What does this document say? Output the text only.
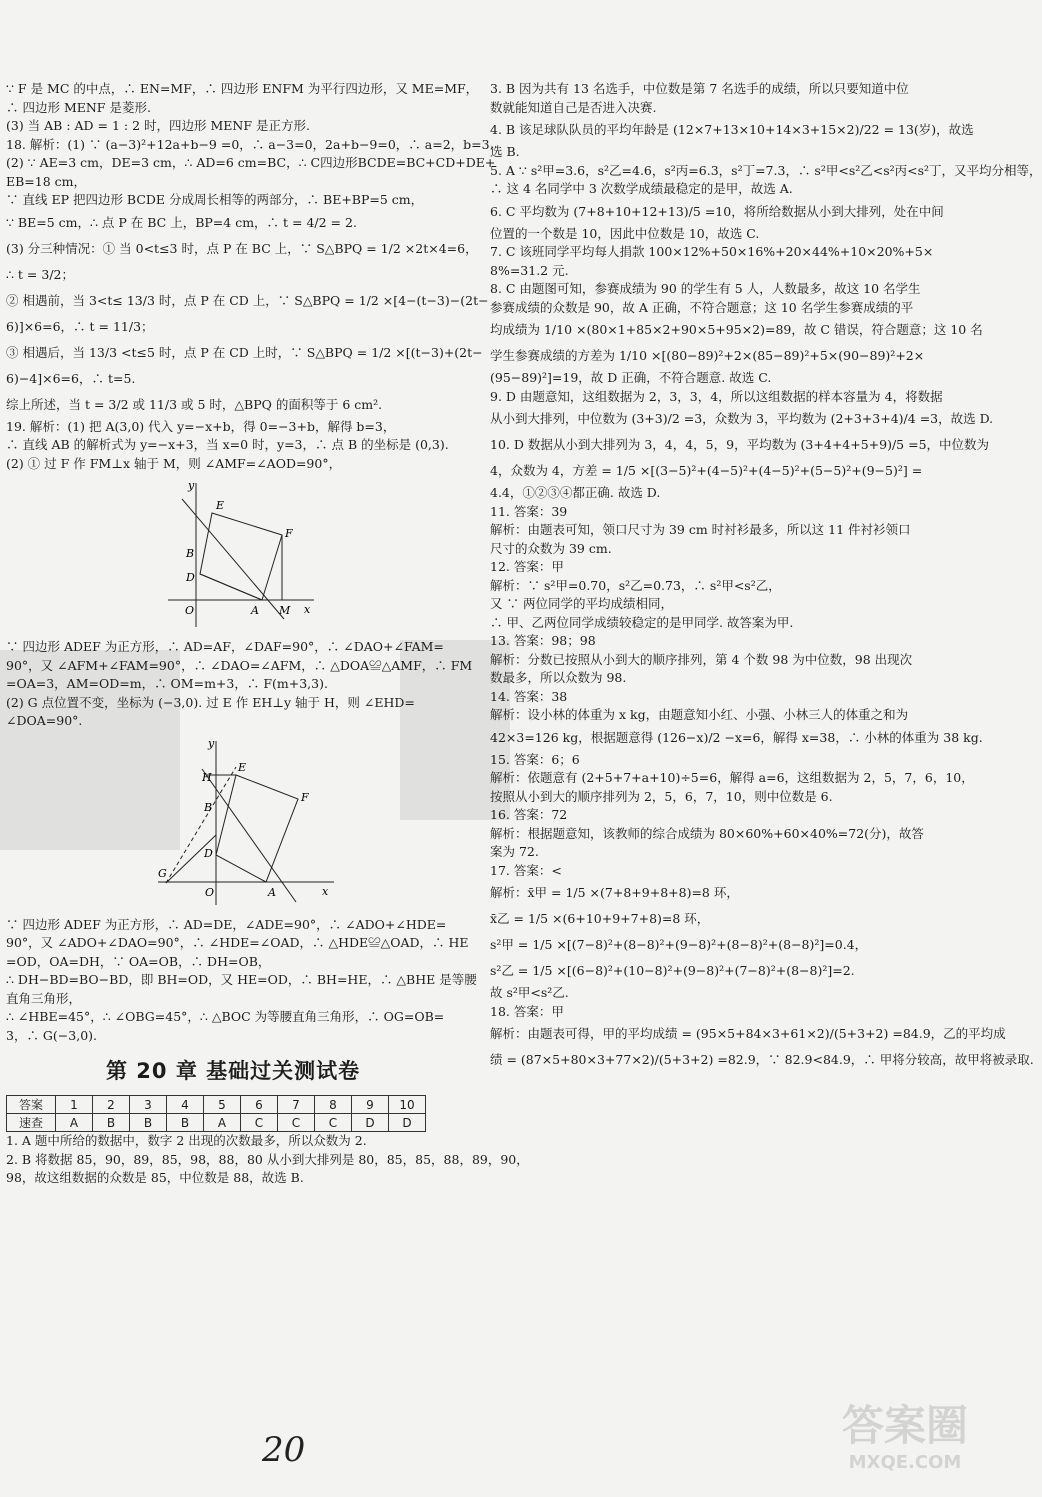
∵ F 是 MC 的中点，∴ EN=MF，∴ 四边形 ENFM 为平行四边形，又 ME=MF，

∴ 四边形 MENF 是菱形.

(3) 当 AB : AD = 1 : 2 时，四边形 MENF 是正方形.

18. 解析：(1) ∵ (a−3)²+12a+b−9 =0，∴ a−3=0，2a+b−9=0，∴ a=2，b=3.

(2) ∵ AE=3 cm，DE=3 cm，∴ AD=6 cm=BC，∴ C四边形BCDE=BC+CD+DE+

EB=18 cm，

∵ 直线 EP 把四边形 BCDE 分成周长相等的两部分，∴ BE+BP=5 cm，

∵ BE=5 cm，∴ 点 P 在 BC 上，BP=4 cm，∴ t = 4/2 = 2.

(3) 分三种情况：① 当 0<t≤3 时，点 P 在 BC 上，∵ S△BPQ = 1/2 ×2t×4=6，

∴ t = 3/2；

② 相遇前，当 3<t≤ 13/3 时，点 P 在 CD 上，∵ S△BPQ = 1/2 ×[4−(t−3)−(2t−

6)]×6=6，∴ t = 11/3；

③ 相遇后，当 13/3 <t≤5 时，点 P 在 CD 上时，∵ S△BPQ = 1/2 ×[(t−3)+(2t−

6)−4]×6=6，∴ t=5.

综上所述，当 t = 3/2 或 11/3 或 5 时，△BPQ 的面积等于 6 cm².

19. 解析：(1) 把 A(3,0) 代入 y=−x+b，得 0=−3+b，解得 b=3，

∴ 直线 AB 的解析式为 y=−x+3，当 x=0 时，y=3，∴ 点 B 的坐标是 (0,3).

(2) ① 过 F 作 FM⊥x 轴于 M，则 ∠AMF=∠AOD=90°，

y
x
E
F
B
D
O	A M

∵ 四边形 ADEF 为正方形，∴ AD=AF，∠DAF=90°，∴ ∠DAO+∠FAM=

90°，又 ∠AFM+∠FAM=90°，∴ ∠DAO=∠AFM，∴ △DOA≌△AMF，∴ FM

=OA=3，AM=OD=m，∴ OM=m+3，∴ F(m+3,3).

(2) G 点位置不变，坐标为 (−3,0). 过 E 作 EH⊥y 轴于 H，则 ∠EHD=

∠DOA=90°.

y
x
H
E
F
B
D
G
O	A

∵ 四边形 ADEF 为正方形，∴ AD=DE，∠ADE=90°，∴ ∠ADO+∠HDE=

90°，又 ∠ADO+∠DAO=90°，∴ ∠HDE=∠OAD，∴ △HDE≌△OAD，∴ HE

=OD，OA=DH，∵ OA=OB，∴ DH=OB，

∴ DH−BD=BO−BD，即 BH=OD，又 HE=OD，∴ BH=HE，∴ △BHE 是等腰

直角三角形，

∴ ∠HBE=45°，∴ ∠OBG=45°，∴ △BOC 为等腰直角三角形，∴ OG=OB=

3，∴ G(−3,0).

第 20 章 基础过关测试卷
答案	1	2	3	4	5	6	7	8	9	10
速查	A	B	B	B	A	C	C	C	D	D

1. A 题中所给的数据中，数字 2 出现的次数最多，所以众数为 2.

2. B 将数据 85，90，89，85，98，88，80 从小到大排列是 80，85，85，88，89，90，

98，故这组数据的众数是 85，中位数是 88，故选 B.

3. B 因为共有 13 名选手，中位数是第 7 名选手的成绩，所以只要知道中位

数就能知道自己是否进入决赛.

4. B 该足球队队员的平均年龄是 (12×7+13×10+14×3+15×2)/22 = 13(岁)，故选

选 B.

5. A ∵ s²甲=3.6，s²乙=4.6，s²丙=6.3，s²丁=7.3，∴ s²甲<s²乙<s²丙<s²丁，又平均分相等，

∴ 这 4 名同学中 3 次数学成绩最稳定的是甲，故选 A.

6. C 平均数为 (7+8+10+12+13)/5 =10，将所给数据从小到大排列，处在中间

位置的一个数是 10，因此中位数是 10，故选 C.

7. C 该班同学平均每人捐款 100×12%+50×16%+20×44%+10×20%+5×

8%=31.2 元.

8. C 由题图可知，参赛成绩为 90 的学生有 5 人，人数最多，故这 10 名学生

参赛成绩的众数是 90，故 A 正确，不符合题意；这 10 名学生参赛成绩的平

均成绩为 1/10 ×(80×1+85×2+90×5+95×2)=89，故 C 错误，符合题意；这 10 名

学生参赛成绩的方差为 1/10 ×[(80−89)²+2×(85−89)²+5×(90−89)²+2×

(95−89)²]=19，故 D 正确，不符合题意. 故选 C.

9. D 由题意知，这组数据为 2，3，3，4，所以这组数据的样本容量为 4，将数据

从小到大排列，中位数为 (3+3)/2 =3，众数为 3，平均数为 (2+3+3+4)/4 =3，故选 D.

10. D 数据从小到大排列为 3，4，4，5，9，平均数为 (3+4+4+5+9)/5 =5，中位数为

4，众数为 4，方差 = 1/5 ×[(3−5)²+(4−5)²+(4−5)²+(5−5)²+(9−5)²] =

4.4，①②③④都正确. 故选 D.

11. 答案：39

解析：由题表可知，领口尺寸为 39 cm 时衬衫最多，所以这 11 件衬衫领口

尺寸的众数为 39 cm.

12. 答案：甲

解析：∵ s²甲=0.70，s²乙=0.73，∴ s²甲<s²乙，

又 ∵ 两位同学的平均成绩相同，

∴ 甲、乙两位同学成绩较稳定的是甲同学. 故答案为甲.

13. 答案：98；98

解析：分数已按照从小到大的顺序排列，第 4 个数 98 为中位数，98 出现次

数最多，所以众数为 98.

14. 答案：38

解析：设小林的体重为 x kg，由题意知小红、小强、小林三人的体重之和为

42×3=126 kg，根据题意得 (126−x)/2 −x=6，解得 x=38，∴ 小林的体重为 38 kg.

15. 答案：6；6

解析：依题意有 (2+5+7+a+10)÷5=6，解得 a=6，这组数据为 2，5，7，6，10，

按照从小到大的顺序排列为 2，5，6，7，10，则中位数是 6.

16. 答案：72

解析：根据题意知，该教师的综合成绩为 80×60%+60×40%=72(分)，故答

案为 72.

17. 答案：<

解析：x̄甲 = 1/5 ×(7+8+9+8+8)=8 环，

x̄乙 = 1/5 ×(6+10+9+7+8)=8 环，

s²甲 = 1/5 ×[(7−8)²+(8−8)²+(9−8)²+(8−8)²+(8−8)²]=0.4，

s²乙 = 1/5 ×[(6−8)²+(10−8)²+(9−8)²+(7−8)²+(8−8)²]=2.

故 s²甲<s²乙.

18. 答案：甲

解析：由题表可得，甲的平均成绩 = (95×5+84×3+61×2)/(5+3+2) =84.9，乙的平均成

绩 = (87×5+80×3+77×2)/(5+3+2) =82.9，∵ 82.9<84.9，∴ 甲将分较高，故甲将被录取.

20	答案圈
MXQE.COM
